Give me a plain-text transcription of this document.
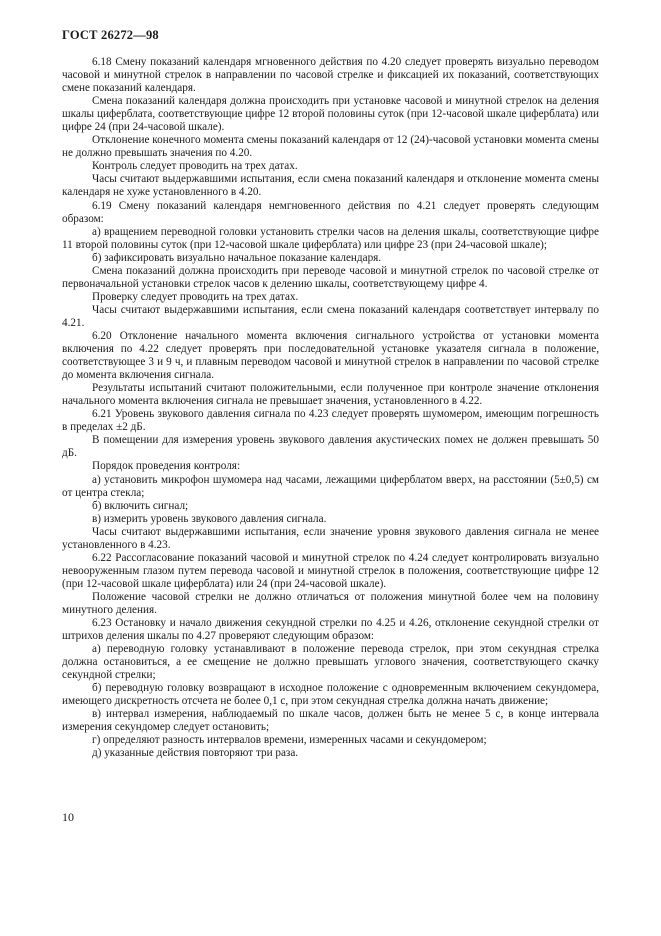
ГОСТ 26272—98

6.18 Смену показаний календаря мгновенного действия по 4.20 следует проверять визуально переводом часовой и минутной стрелок в направлении по часовой стрелке и фиксацией их показаний, соответствующих смене показаний календаря.

Смена показаний календаря должна происходить при установке часовой и минутной стрелок на деления шкалы циферблата, соответствующие цифре 12 второй половины суток (при 12-часовой шкале циферблата) или цифре 24 (при 24-часовой шкале).

Отклонение конечного момента смены показаний календаря от 12 (24)-часовой установки момента смены не должно превышать значения по 4.20.

Контроль следует проводить на трех датах.

Часы считают выдержавшими испытания, если смена показаний календаря и отклонение момента смены календаря не хуже установленного в 4.20.

6.19 Смену показаний календаря немгновенного действия по 4.21 следует проверять следующим образом:

а) вращением переводной головки установить стрелки часов на деления шкалы, соответствующие цифре 11 второй половины суток (при 12-часовой шкале циферблата) или цифре 23 (при 24-часовой шкале);

б) зафиксировать визуально начальное показание календаря.

Смена показаний должна происходить при переводе часовой и минутной стрелок по часовой стрелке от первоначальной установки стрелок часов к делению шкалы, соответствующему цифре 4.

Проверку следует проводить на трех датах.

Часы считают выдержавшими испытания, если смена показаний календаря соответствует интервалу по 4.21.

6.20 Отклонение начального момента включения сигнального устройства от установки момента включения по 4.22 следует проверять при последовательной установке указателя сигнала в положение, соответствующее 3 и 9 ч, и плавным переводом часовой и минутной стрелок в направлении по часовой стрелке до момента включения сигнала.

Результаты испытаний считают положительными, если полученное при контроле значение отклонения начального момента включения сигнала не превышает значения, установленного в 4.22.

6.21 Уровень звукового давления сигнала по 4.23 следует проверять шумомером, имеющим погрешность в пределах ±2 дБ.

В помещении для измерения уровень звукового давления акустических помех не должен превышать 50 дБ.

Порядок проведения контроля:

а) установить микрофон шумомера над часами, лежащими циферблатом вверх, на расстоянии (5±0,5) см от центра стекла;

б) включить сигнал;

в) измерить уровень звукового давления сигнала.

Часы считают выдержавшими испытания, если значение уровня звукового давления сигнала не менее установленного в 4.23.

6.22 Рассогласование показаний часовой и минутной стрелок по 4.24 следует контролировать визуально невооруженным глазом путем перевода часовой и минутной стрелок в положения, соответствующие цифре 12 (при 12-часовой шкале циферблата) или 24 (при 24-часовой шкале).

Положение часовой стрелки не должно отличаться от положения минутной более чем на половину минутного деления.

6.23 Остановку и начало движения секундной стрелки по 4.25 и 4.26, отклонение секундной стрелки от штрихов деления шкалы по 4.27 проверяют следующим образом:

а) переводную головку устанавливают в положение перевода стрелок, при этом секундная стрелка должна остановиться, а ее смещение не должно превышать углового значения, соответствующего скачку секундной стрелки;

б) переводную головку возвращают в исходное положение с одновременным включением секундомера, имеющего дискретность отсчета не более 0,1 с, при этом секундная стрелка должна начать движение;

в) интервал измерения, наблюдаемый по шкале часов, должен быть не менее 5 с, в конце интервала измерения секундомер следует остановить;

г) определяют разность интервалов времени, измеренных часами и секундомером;

д) указанные действия повторяют три раза.

10
